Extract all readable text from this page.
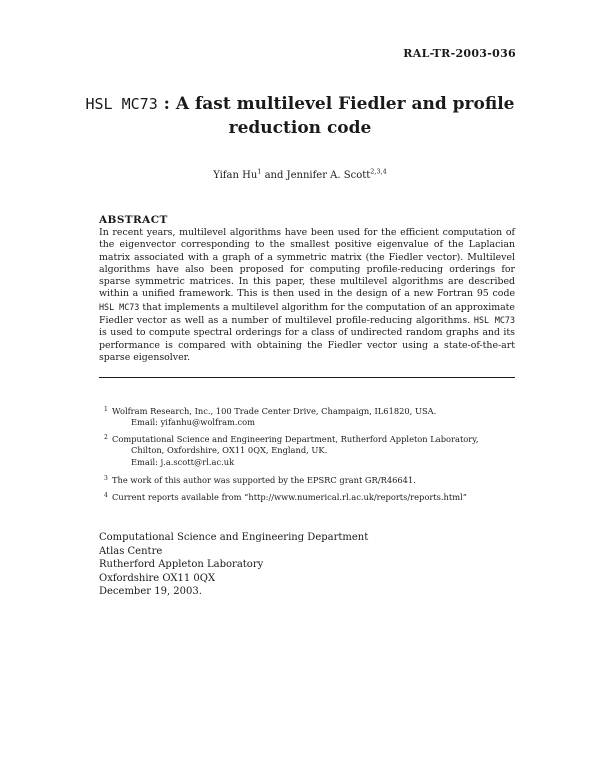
RAL-TR-2003-036
HSL MC73 : A fast multilevel Fiedler and profile
reduction code
Yifan Hu$^1$ and Jennifer A. Scott$^{2,3,4}$
ABSTRACT
In recent years, multilevel algorithms have been used for the efficient computation of the eigenvector corresponding to the smallest positive eigenvalue of the Laplacian matrix associated with a graph of a symmetric matrix (the Fiedler vector). Multilevel algorithms have also been proposed for computing profile-reducing orderings for sparse symmetric matrices. In this paper, these multilevel algorithms are described within a unified framework. This is then used in the design of a new Fortran 95 code HSL MC73 that implements a multilevel algorithm for the computation of an approximate Fiedler vector as well as a number of multilevel profile-reducing algorithms. HSL MC73 is used to compute spectral orderings for a class of undirected random graphs and its performance is compared with obtaining the Fiedler vector using a state-of-the-art sparse eigensolver.
1 Wolfram Research, Inc., 100 Trade Center Drive, Champaign, IL61820, USA.
Email: yifanhu@wolfram.com
2 Computational Science and Engineering Department, Rutherford Appleton Laboratory,
Chilton, Oxfordshire, OX11 0QX, England, UK.
Email: j.a.scott@rl.ac.uk
3 The work of this author was supported by the EPSRC grant GR/R46641.
4 Current reports available from “http://www.numerical.rl.ac.uk/reports/reports.html”
Computational Science and Engineering Department
Atlas Centre
Rutherford Appleton Laboratory
Oxfordshire OX11 0QX
December 19, 2003.
